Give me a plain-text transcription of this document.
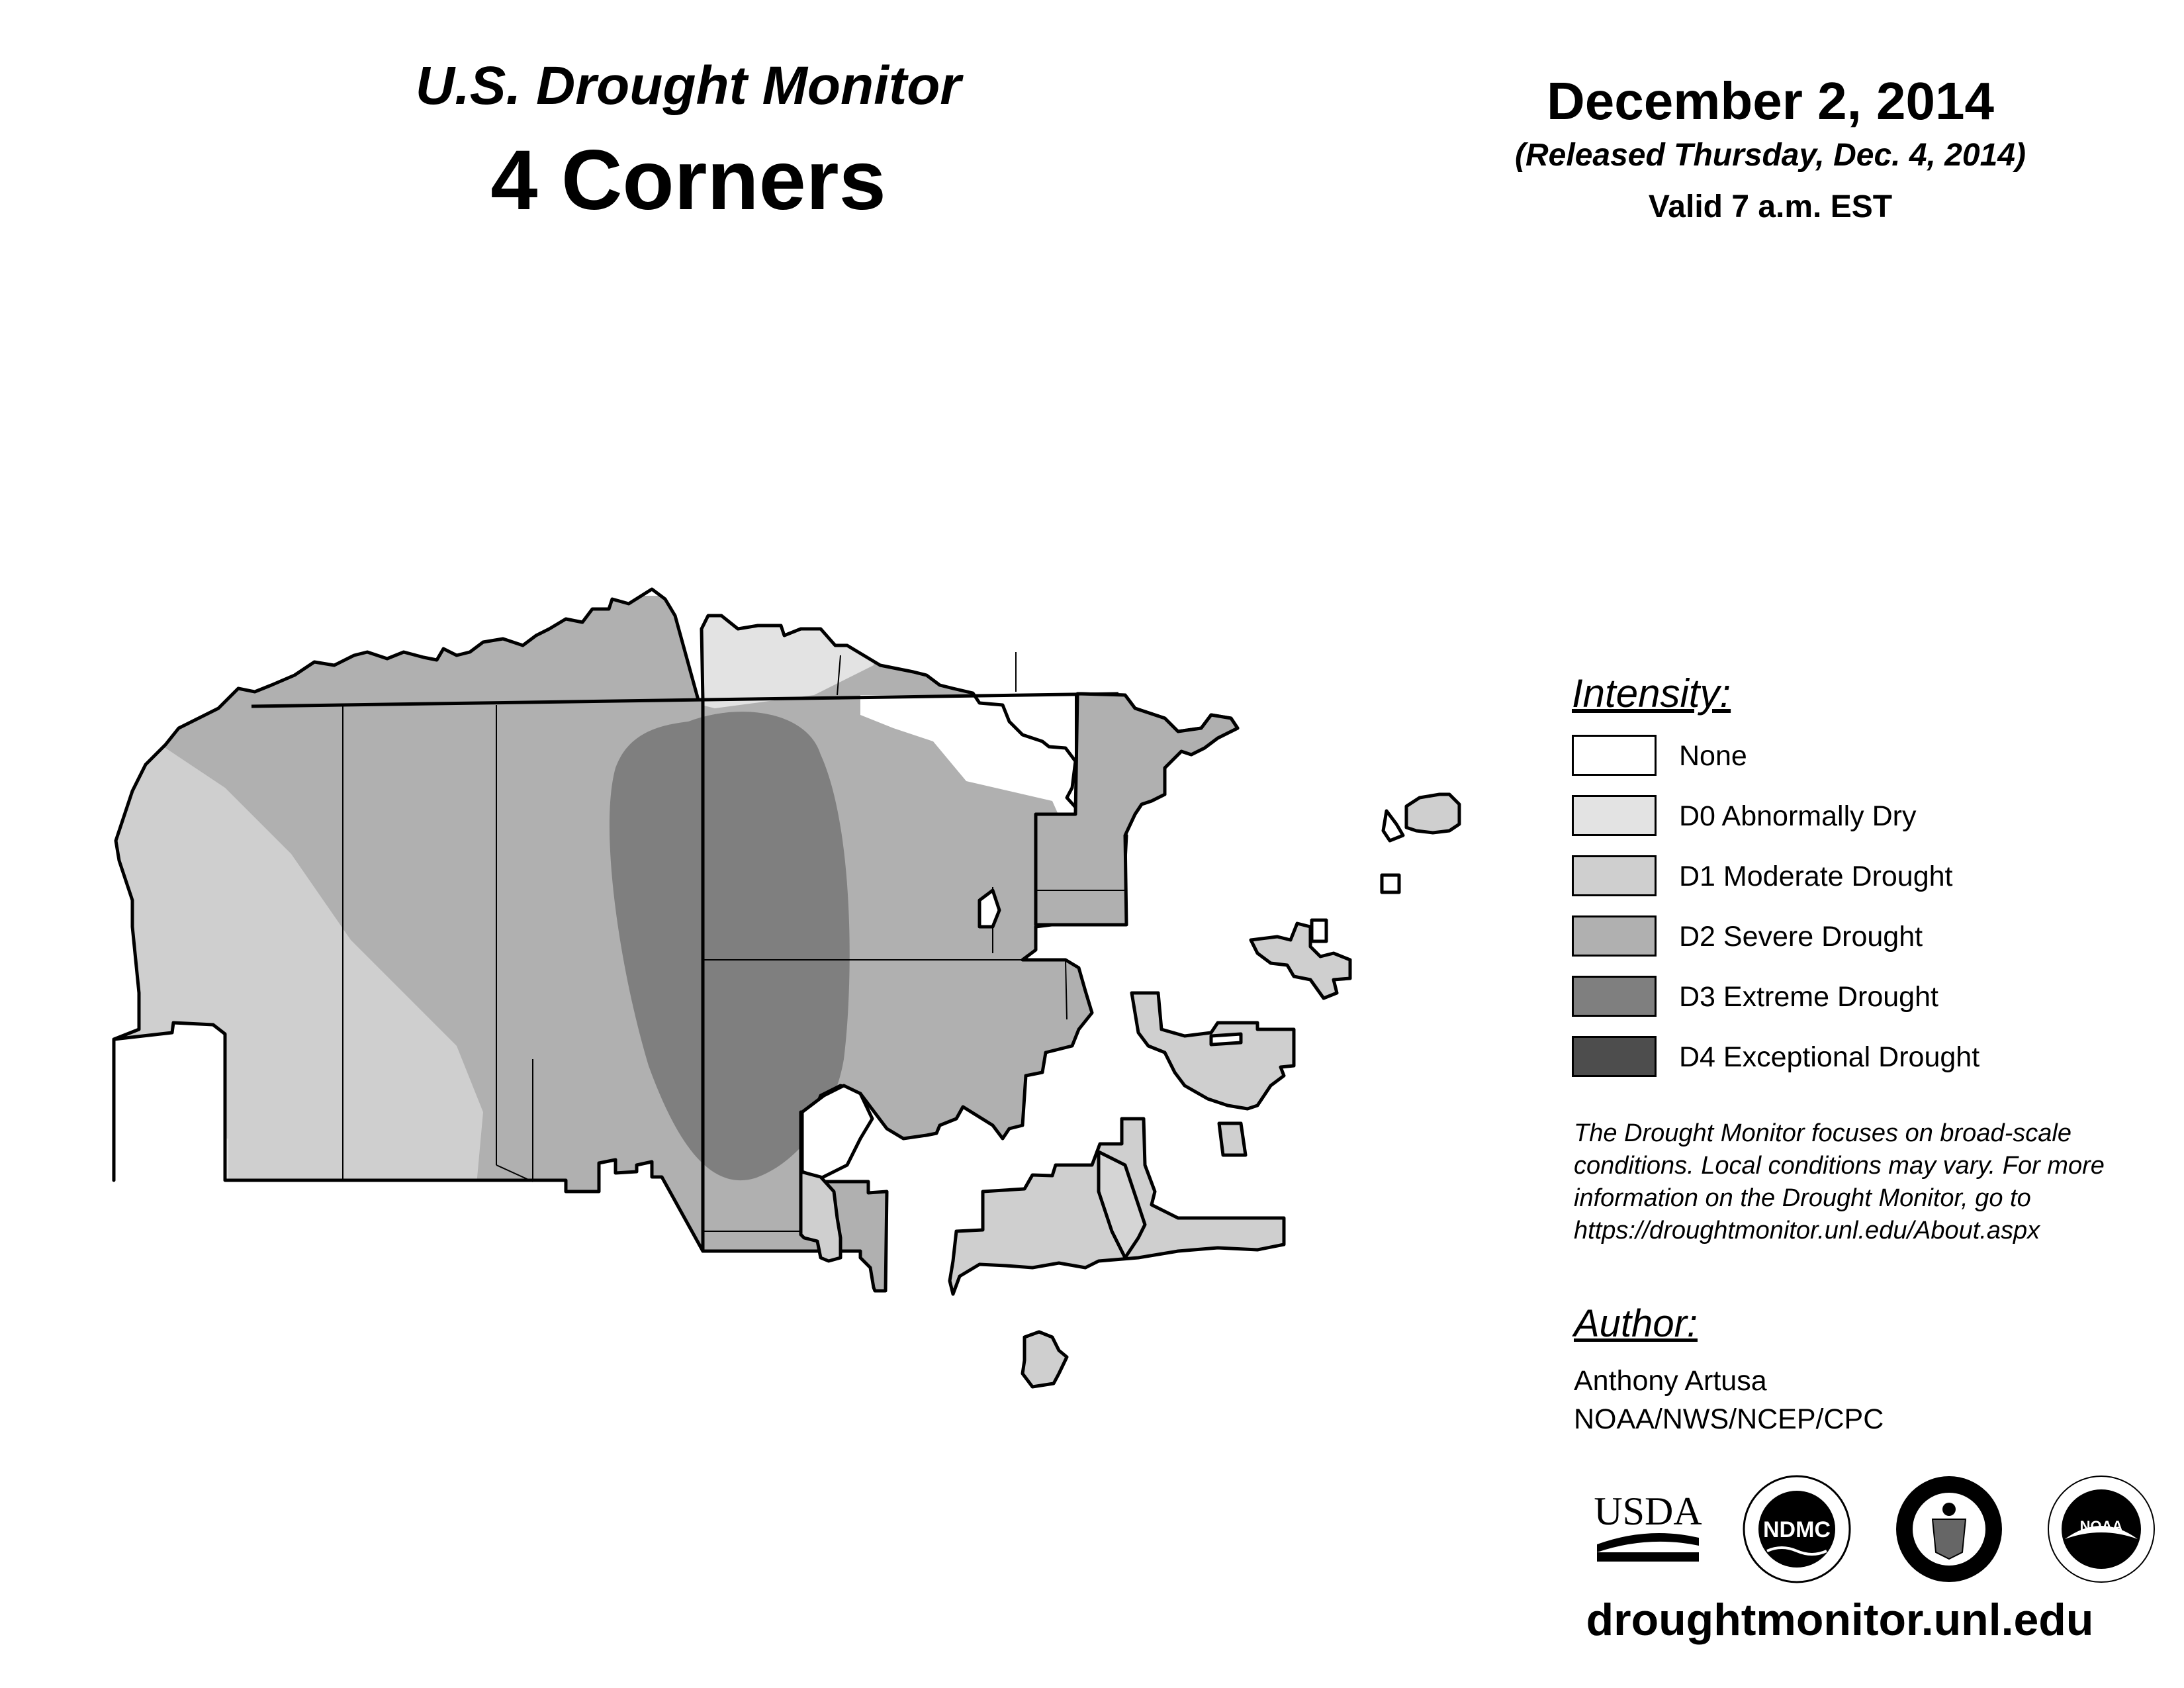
U.S. Drought Monitor
4 Corners
December 2, 2014
(Released Thursday, Dec. 4, 2014)
Valid 7 a.m. EST
Intensity:
None
D0 Abnormally Dry
D1 Moderate Drought
D2 Severe Drought
D3 Extreme Drought
D4 Exceptional Drought
The Drought Monitor focuses on broad-scale conditions. Local conditions may vary. For more information on the Drought Monitor, go to https://droughtmonitor.unl.edu/About.aspx
Author:
Anthony Artusa
NOAA/NWS/NCEP/CPC
USDA	NDMC	NOAA
droughtmonitor.unl.edu
